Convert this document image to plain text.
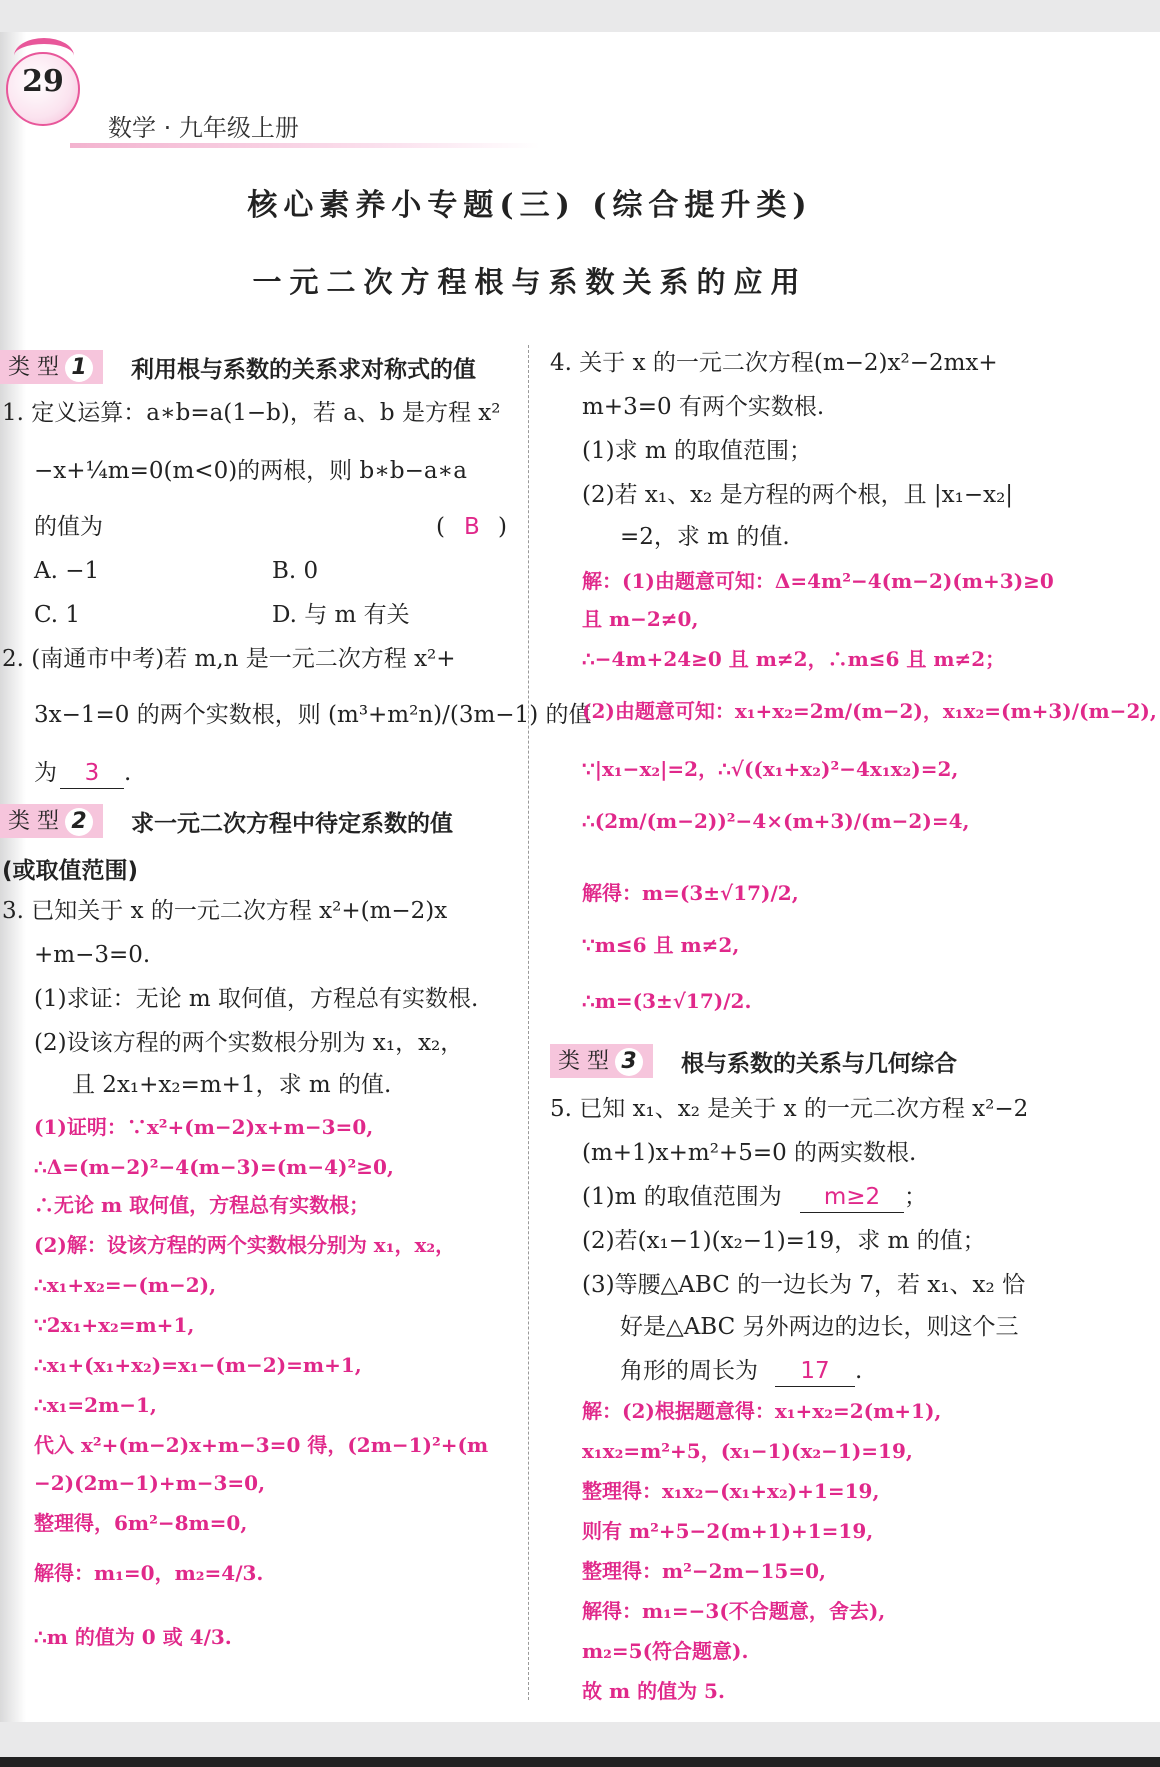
29
数学 · 九年级上册
核心素养小专题(三) (综合提升类)
一元二次方程根与系数关系的应用
类 型 1 利用根与系数的关系求对称式的值
1. 定义运算：a∗b=a(1−b)，若 a、b 是方程 x²
−x+¼m=0(m<0)的两根，则 b∗b−a∗a
的值为	( B )
A. −1	B. 0
C. 1	D. 与 m 有关
2. (南通市中考)若 m,n 是一元二次方程 x²+
3x−1=0 的两个实数根，则 (m³+m²n)/(3m−1) 的值
为	3 .
类 型 2 求一元二次方程中待定系数的值
(或取值范围)
3. 已知关于 x 的一元二次方程 x²+(m−2)x
+m−3=0.
(1)求证：无论 m 取何值，方程总有实数根.
(2)设该方程的两个实数根分别为 x₁，x₂，
且 2x₁+x₂=m+1，求 m 的值.
(1)证明：∵x²+(m−2)x+m−3=0,
∴Δ=(m−2)²−4(m−3)=(m−4)²≥0,
∴无论 m 取何值，方程总有实数根；
(2)解：设该方程的两个实数根分别为 x₁，x₂，
∴x₁+x₂=−(m−2),
∵2x₁+x₂=m+1,
∴x₁+(x₁+x₂)=x₁−(m−2)=m+1,
∴x₁=2m−1,
代入 x²+(m−2)x+m−3=0 得，(2m−1)²+(m
−2)(2m−1)+m−3=0,
整理得，6m²−8m=0,
解得：m₁=0，m₂=4/3.
∴m 的值为 0 或 4/3.
4. 关于 x 的一元二次方程(m−2)x²−2mx+
m+3=0 有两个实数根.
(1)求 m 的取值范围；
(2)若 x₁、x₂ 是方程的两个根，且 |x₁−x₂|
=2，求 m 的值.
解：(1)由题意可知：Δ=4m²−4(m−2)(m+3)≥0
且 m−2≠0,
∴−4m+24≥0 且 m≠2，∴m≤6 且 m≠2；
(2)由题意可知：x₁+x₂=2m/(m−2)，x₁x₂=(m+3)/(m−2),
∵|x₁−x₂|=2，∴√((x₁+x₂)²−4x₁x₂)=2,
∴(2m/(m−2))²−4×(m+3)/(m−2)=4,
解得：m=(3±√17)/2,
∵m≤6 且 m≠2,
∴m=(3±√17)/2.
类 型 3 根与系数的关系与几何综合
5. 已知 x₁、x₂ 是关于 x 的一元二次方程 x²−2
(m+1)x+m²+5=0 的两实数根.
(1)m 的取值范围为	m≥2 ；
(2)若(x₁−1)(x₂−1)=19，求 m 的值；
(3)等腰△ABC 的一边长为 7，若 x₁、x₂ 恰
好是△ABC 另外两边的边长，则这个三
角形的周长为	17 .
解：(2)根据题意得：x₁+x₂=2(m+1),
x₁x₂=m²+5，(x₁−1)(x₂−1)=19,
整理得：x₁x₂−(x₁+x₂)+1=19,
则有 m²+5−2(m+1)+1=19,
整理得：m²−2m−15=0,
解得：m₁=−3(不合题意，舍去),
m₂=5(符合题意).
故 m 的值为 5.
